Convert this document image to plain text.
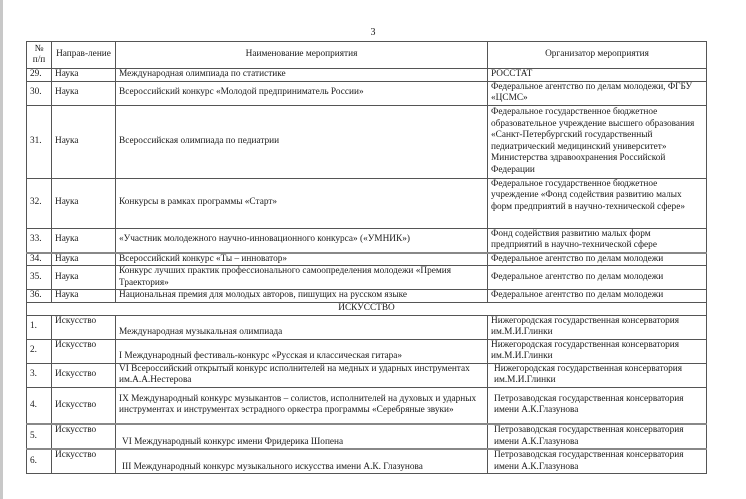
3
№ п/п	Направ-ление	Наименование мероприятия	Организатор мероприятия
29.	Наука	Международная олимпиада по статистике	РОССТАТ
30.	Наука	Всероссийский конкурс «Молодой предприниматель России»	Федеральное агентство по делам молодежи, ФГБУ «ЦСМС»
31.	Наука	Всероссийская олимпиада по педиатрии	Федеральное государственное бюджетное образовательное учреждение высшего образования «Санкт-Петербургский государственный педиатрический медицинский университет» Министерства здравоохранения Российской Федерации
32.	Наука	Конкурсы в рамках программы «Старт»	Федеральное государственное бюджетное учреждение «Фонд содействия развитию малых форм предприятий в научно-технической сфере»
33.	Наука	«Участник молодежного научно-инновационного конкурса» («УМНИК»)	Фонд содействия развитию малых форм предприятий в научно-технической сфере
34.	Наука	Всероссийский конкурс «Ты – инноватор»	Федеральное агентство по делам молодежи
35.	Наука	Конкурс лучших практик профессионального самоопределения молодежи «Премия Траектория»	Федеральное агентство по делам молодежи
36.	Наука	Национальная премия для молодых авторов, пишущих на русском языке	Федеральное агентство по делам молодежи
ИСКУССТВО			
1.	Искусство	Международная музыкальная олимпиада	Нижегородская государственная консерватория им.М.И.Глинки
2.	Искусство	I Международный фестиваль-конкурс «Русская и классическая гитара»	Нижегородская государственная консерватория им.М.И.Глинки
3.	Искусство	VI Всероссийский открытый конкурс исполнителей на медных и ударных инструментах им.А.А.Нестерова	Нижегородская государственная консерватория им.М.И.Глинки
4.	Искусство	IX Международный конкурс музыкантов – солистов, исполнителей на духовых и ударных инструментах и инструментах эстрадного оркестра программы «Серебряные звуки»	Петрозаводская государственная консерватория имени А.К.Глазунова
5.	Искусство	VI Международный конкурс имени Фридерика Шопена	Петрозаводская государственная консерватория имени А.К.Глазунова
6.	Искусство	III Международный конкурс музыкального искусства имени А.К. Глазунова	Петрозаводская государственная консерватория имени А.К.Глазунова
